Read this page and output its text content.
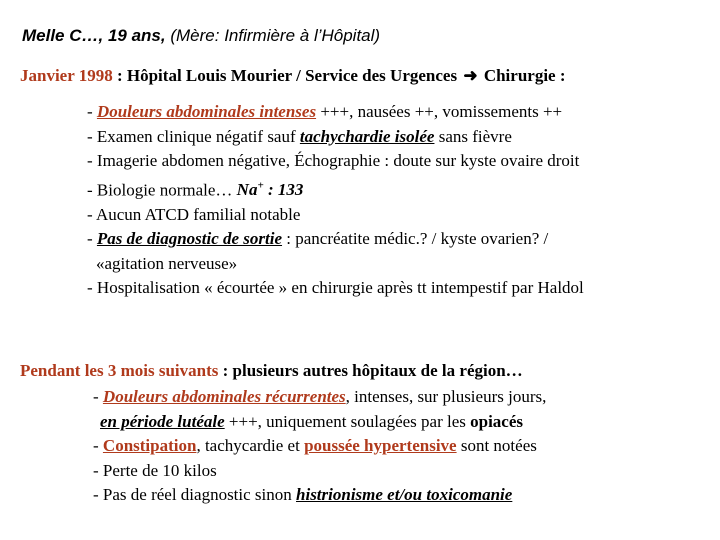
Melle C…, 19 ans, (Mère: Infirmière à l’Hôpital)
Janvier 1998 : Hôpital Louis Mourier / Service des Urgences ➜ Chirurgie :
- Douleurs abdominales intenses +++, nausées ++, vomissements ++
- Examen clinique négatif sauf tachychardie isolée sans fièvre
- Imagerie abdomen négative, Échographie : doute sur kyste ovaire droit
- Biologie normale… Na+ : 133
- Aucun ATCD familial notable
- Pas de diagnostic de sortie : pancréatite médic.? / kyste ovarien? /
«agitation nerveuse»
- Hospitalisation « écourtée » en chirurgie après tt intempestif par Haldol
Pendant les 3 mois suivants : plusieurs autres hôpitaux de la région…
- Douleurs abdominales récurrentes, intenses, sur plusieurs jours,
en période lutéale +++, uniquement soulagées par les opiacés
- Constipation, tachycardie et poussée hypertensive sont notées
- Perte de 10 kilos
- Pas de réel diagnostic sinon histrionisme et/ou toxicomanie
